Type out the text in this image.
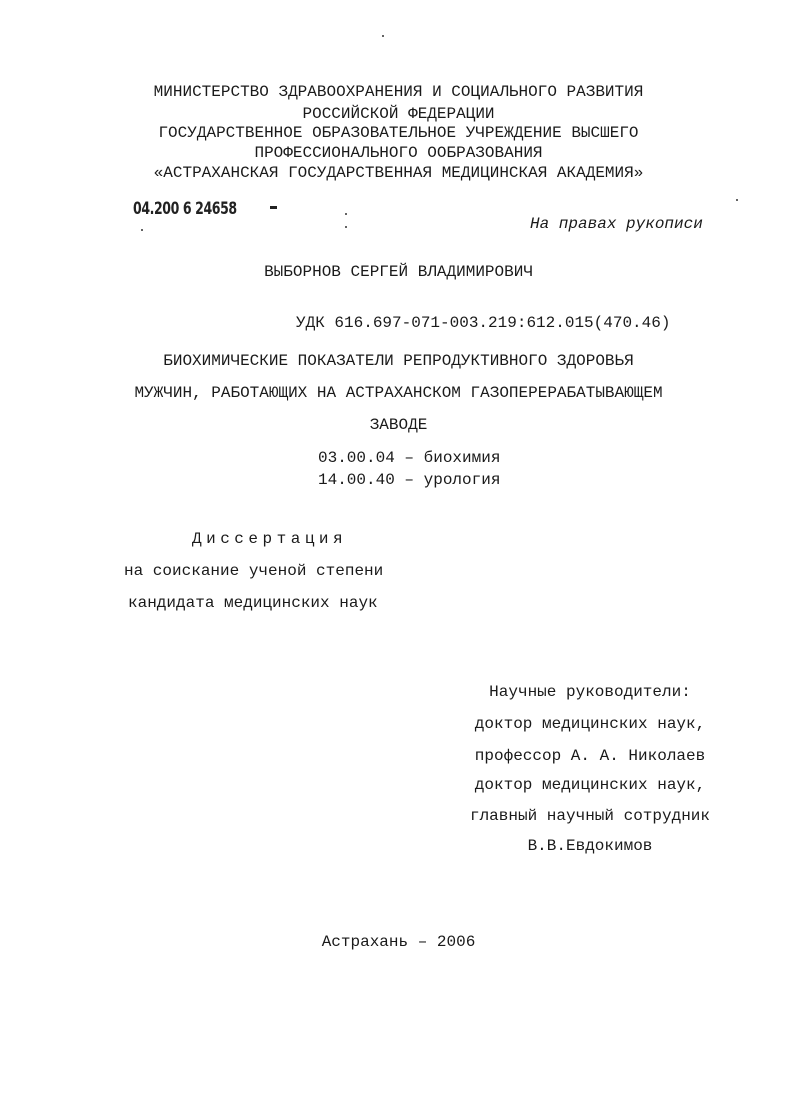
МИНИСТЕРСТВО ЗДРАВООХРАНЕНИЯ И СОЦИАЛЬНОГО РАЗВИТИЯ
РОССИЙСКОЙ ФЕДЕРАЦИИ
ГОСУДАРСТВЕННОЕ ОБРАЗОВАТЕЛЬНОЕ УЧРЕЖДЕНИЕ ВЫСШЕГО
ПРОФЕССИОНАЛЬНОГО ООБРАЗОВАНИЯ
«АСТРАХАНСКАЯ ГОСУДАРСТВЕННАЯ МЕДИЦИНСКАЯ АКАДЕМИЯ»
04.200 6 24658
На правах рукописи
ВЫБОРНОВ СЕРГЕЙ ВЛАДИМИРОВИЧ
УДК 616.697-071-003.219:612.015(470.46)
БИОХИМИЧЕСКИЕ ПОКАЗАТЕЛИ РЕПРОДУКТИВНОГО ЗДОРОВЬЯ
МУЖЧИН, РАБОТАЮЩИХ НА АСТРАХАНСКОМ ГАЗОПЕРЕРАБАТЫВАЮЩЕМ
ЗАВОДЕ
03.00.04 – биохимия
14.00.40 – урология
Диссертация
на соискание ученой степени
кандидата медицинских наук
Научные руководители:
доктор медицинских наук,
профессор А. А. Николаев
доктор медицинских наук,
главный научный сотрудник
В.В.Евдокимов
Астрахань – 2006
